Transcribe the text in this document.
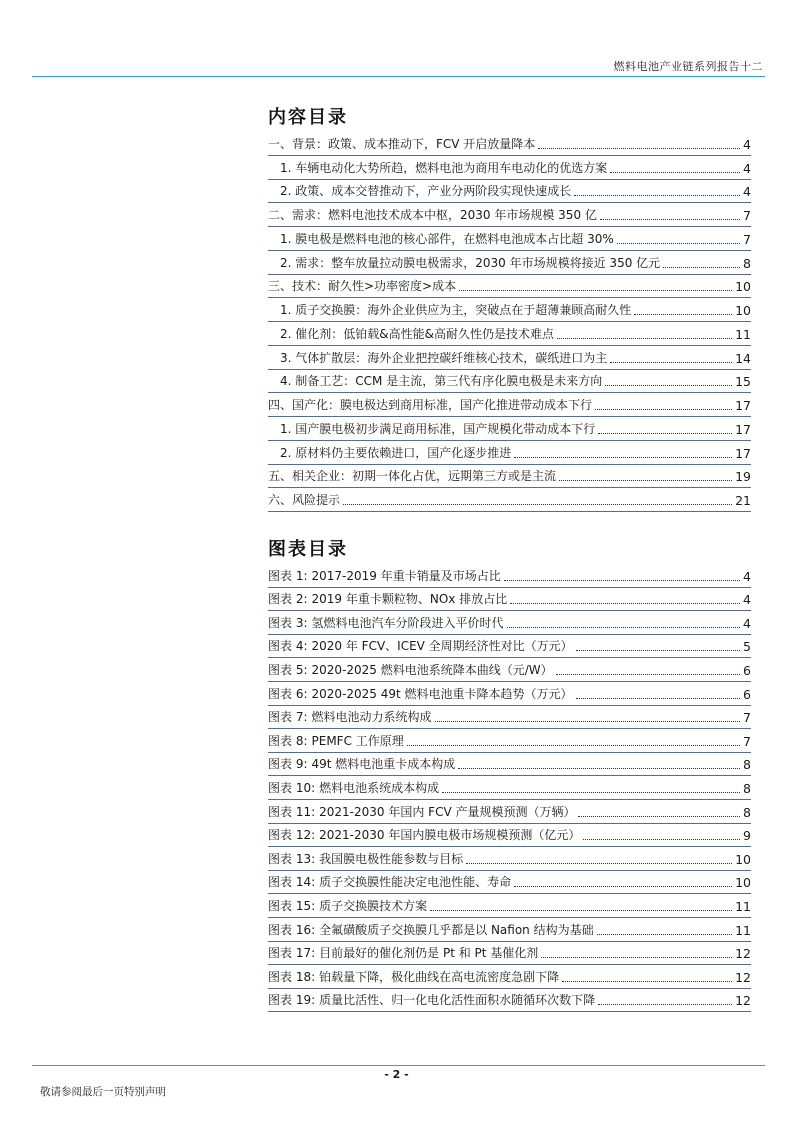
燃料电池产业链系列报告十二
内容目录
一、背景：政策、成本推动下，FCV 开启放量降本	4
1. 车辆电动化大势所趋，燃料电池为商用车电动化的优选方案	4
2. 政策、成本交替推动下，产业分两阶段实现快速成长	4
二、需求：燃料电池技术成本中枢，2030 年市场规模 350 亿	7
1. 膜电极是燃料电池的核心部件，在燃料电池成本占比超 30%	7
2. 需求：整车放量拉动膜电极需求，2030 年市场规模将接近 350 亿元	8
三、技术：耐久性>功率密度>成本	10
1. 质子交换膜：海外企业供应为主，突破点在于超薄兼顾高耐久性	10
2. 催化剂：低铂载&高性能&高耐久性仍是技术难点	11
3. 气体扩散层：海外企业把控碳纤维核心技术，碳纸进口为主	14
4. 制备工艺：CCM 是主流，第三代有序化膜电极是未来方向	15
四、国产化：膜电极达到商用标准，国产化推进带动成本下行	17
1. 国产膜电极初步满足商用标准，国产规模化带动成本下行	17
2. 原材料仍主要依赖进口，国产化逐步推进	17
五、相关企业：初期一体化占优，远期第三方或是主流	19
六、风险提示	21
图表目录
图表 1: 2017-2019 年重卡销量及市场占比	4
图表 2: 2019 年重卡颗粒物、NOx 排放占比	4
图表 3: 氢燃料电池汽车分阶段进入平价时代	4
图表 4: 2020 年 FCV、ICEV 全周期经济性对比（万元）	5
图表 5: 2020-2025 燃料电池系统降本曲线（元/W）	6
图表 6: 2020-2025 49t 燃料电池重卡降本趋势（万元）	6
图表 7: 燃料电池动力系统构成	7
图表 8: PEMFC 工作原理	7
图表 9: 49t 燃料电池重卡成本构成	8
图表 10: 燃料电池系统成本构成	8
图表 11: 2021-2030 年国内 FCV 产量规模预测（万辆）	8
图表 12: 2021-2030 年国内膜电极市场规模预测（亿元）	9
图表 13: 我国膜电极性能参数与目标	10
图表 14: 质子交换膜性能决定电池性能、寿命	10
图表 15: 质子交换膜技术方案	11
图表 16: 全氟磺酸质子交换膜几乎都是以 Nafion 结构为基础	11
图表 17: 目前最好的催化剂仍是 Pt 和 Pt 基催化剂	12
图表 18: 铂载量下降，极化曲线在高电流密度急剧下降	12
图表 19: 质量比活性、归一化电化活性面积水随循环次数下降	12
- 2 -
敬请参阅最后一页特别声明
